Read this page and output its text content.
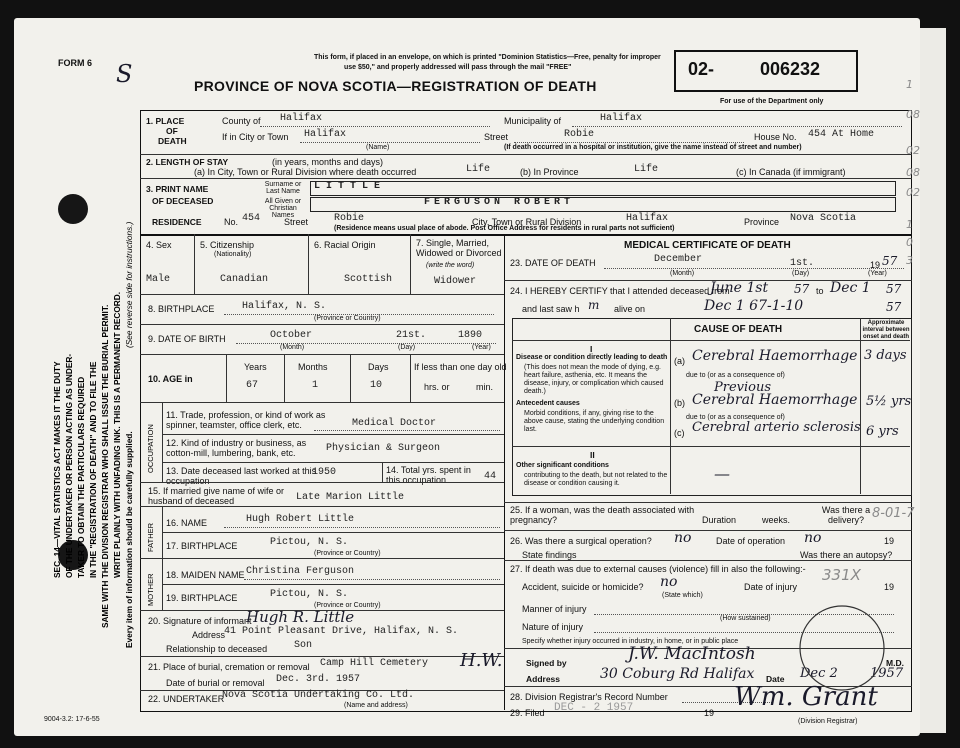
FORM 6 S
This form, if placed in an envelope, on which is printed "Dominion Statistics—Free, penalty for improper
use $50," and properly addressed will pass through the mail "FREE"
PROVINCE OF NOVA SCOTIA—REGISTRATION OF DEATH
02-	006232
For use of the Department only
SEC. 14—VITAL STATISTICS ACT MAKES IT THE DUTY OF THE UNDERTAKER OR PERSON ACTING AS UNDER- TAKER TO OBTAIN THE PARTICULARS REQUIRED IN THE "REGISTRATION OF DEATH" AND TO FILE THE SAME WITH THE DIVISION REGISTRAR WHO SHALL ISSUE THE BURIAL PERMIT. WRITE PLAINLY WITH UNFADING INK. THIS IS A PERMANENT RECORD. Every item of information should be carefully supplied.
(See reverse side for instructions.)
1. PLACE
OF
DEATH
County of Halifax	Municipality of	Halifax
If in City or Town Halifax
(Name)
Street	Robie	House No. 454 At Home
(If death occurred in a hospital or institution, give the name instead of street and number)
2. LENGTH OF STAY	(in years, months and days)
(a) In City, Town or Rural Division where death occurred	Life	(b) In Province	Life	(c) In Canada (if immigrant)
3. PRINT NAME
OF DECEASED
Surname or Last Name	LITTLE
All Given or Christian Names
FERGUSON ROBERT
RESIDENCE No. 454	Street	Robie	City, Town or Rural Division	Halifax	Province Nova Scotia
(Residence means usual place of abode. Post Office Address for residents in rural parts not sufficient)
4. Sex
Male
5. Citizenship
(Nationality)
Canadian
6. Racial Origin
Scottish
7. Single, Married, Widowed or Divorced
(write the word)
Widower
8. BIRTHPLACE	Halifax, N. S.
(Province or Country)
9. DATE OF BIRTH	October	21st.	1890
(Month)	(Day)	(Year)
10. AGE in
Years	Months	Days
67	1	10
If less than one day old
hrs. or	min.
OCCUPATION
11. Trade, profession, or kind of work as spinner, teamster, office clerk, etc.	Medical Doctor
12. Kind of industry or business, as cotton-mill, lumbering, bank, etc.	Physician & Surgeon
13. Date deceased last worked at this occupation
1950	14. Total yrs. spent in this occupation	44
15. If married give name of wife or husband of deceased	Late Marion Little
FATHER
MOTHER
16. NAME	Hugh Robert Little
17. BIRTHPLACE	Pictou, N. S.
(Province or Country)
18. MAIDEN NAME Christina Ferguson
19. BIRTHPLACE	Pictou, N. S.
(Province or Country)
20. Signature of informant
Hugh R. Little
Address
41 Point Pleasant Drive, Halifax, N. S.
Relationship to deceased	Son
21. Place of burial, cremation or removal Camp Hill Cemetery
Date of burial or removal Dec. 3rd. 1957
H.W.
22. UNDERTAKER
Nova Scotia Undertaking Co. Ltd.
(Name and address)
MEDICAL CERTIFICATE OF DEATH
23. DATE OF DEATH	December	1st.	19 57
(Month)	(Day)	(Year)
24. I HEREBY CERTIFY that I attended deceased from
June 1st 57 to Dec 1 57
and last saw h m alive on	Dec 1 67-1-10	57
CAUSE OF DEATH
Approximate interval between onset and death
I
Disease or condition directly leading to death
(This does not mean the mode of dying, e.g. heart failure, asthenia, etc. It means the disease, injury, or complication which caused death.)
(a) Cerebral Haemorrhage 3 days
due to (or as a consequence of)
Previous
Antecedent causes
Morbid conditions, if any, giving rise to the above cause, stating the underlying condition last.
(b) Cerebral Haemorrhage 5½ yrs
due to (or as a consequence of)
(c) Cerebral arterio sclerosis 6 yrs
II
Other significant conditions
contributing to the death, but not related to the disease or condition causing it.
—
25. If a woman, was the death associated with pregnancy?	Duration	weeks.
Was there a delivery? 8-01-7
26. Was there a surgical operation? no	Date of operation no	19
State findings	Was there an autopsy?
27. If death was due to external causes (violence) fill in also the following:- 331X
Accident, suicide or homicide? no
(State which)
Date of injury	19
Manner of injury
(How sustained)
Nature of injury
Specify whether injury occurred in industry, in home, or in public place
Signed by	J.W. MacIntosh	M.D.
Address	30 Coburg Rd Halifax Date Dec 2 1957
28. Division Registrar's Record Number
29. Filed DEC - 2 1957	19
Wm. Grant
(Division Registrar)
9004-3.2: 17-6-55
1
08
02
08
02
1
0
3
